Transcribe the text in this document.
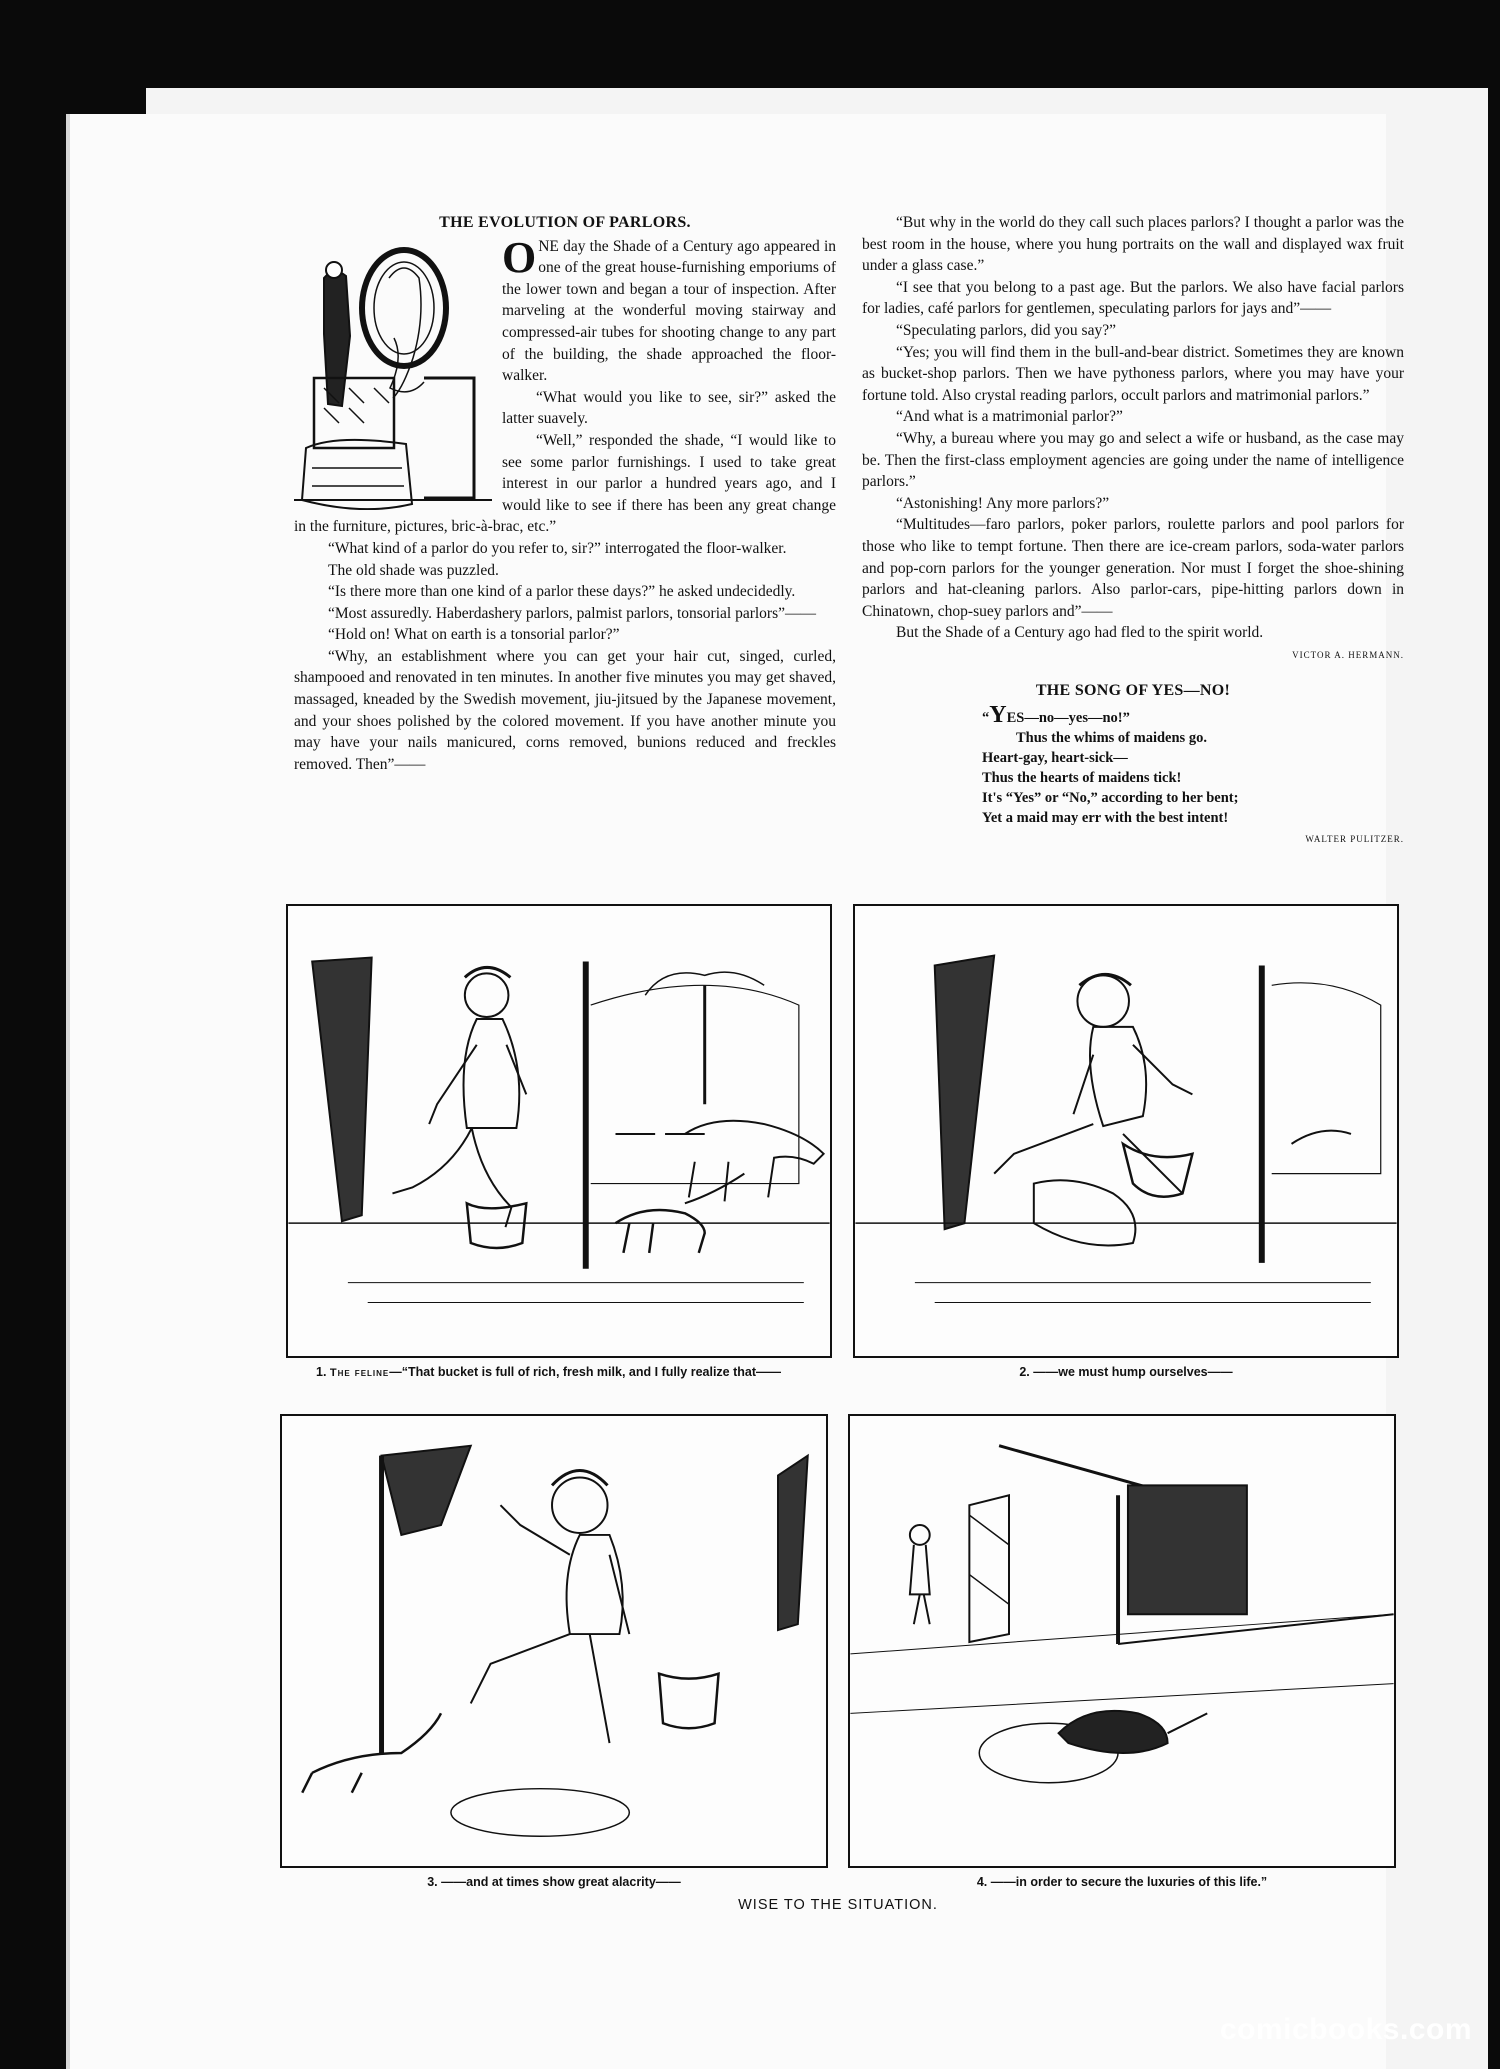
THE EVOLUTION OF PARLORS.
O NE day the Shade of a Century ago appeared in one of the great house-furnishing emporiums of the lower town and began a tour of inspection. After marveling at the wonderful moving stairway and compressed-air tubes for shooting change to any part of the building, the shade approached the floor-walker.

“What would you like to see, sir?” asked the latter suavely.

“Well,” responded the shade, “I would like to see some parlor furnishings. I used to take great interest in our parlor a hundred years ago, and I would like to see if there has been any great change in the furniture, pictures, bric-à-brac, etc.”

“What kind of a parlor do you refer to, sir?” interrogated the floor-walker.

The old shade was puzzled.

“Is there more than one kind of a parlor these days?” he asked undecidedly.

“Most assuredly. Haberdashery parlors, palmist parlors, tonsorial parlors”——

“Hold on! What on earth is a tonsorial parlor?”

“Why, an establishment where you can get your hair cut, singed, curled, shampooed and renovated in ten minutes. In another five minutes you may get shaved, massaged, kneaded by the Swedish movement, jiu-jitsued by the Japanese movement, and your shoes polished by the colored movement. If you have another minute you may have your nails manicured, corns removed, bunions reduced and freckles removed. Then”——

“But why in the world do they call such places parlors? I thought a parlor was the best room in the house, where you hung portraits on the wall and displayed wax fruit under a glass case.”

“I see that you belong to a past age. But the parlors. We also have facial parlors for ladies, café parlors for gentlemen, speculating parlors for jays and”——

“Speculating parlors, did you say?”

“Yes; you will find them in the bull-and-bear district. Sometimes they are known as bucket-shop parlors. Then we have pythoness parlors, where you may have your fortune told. Also crystal reading parlors, occult parlors and matrimonial parlors.”

“And what is a matrimonial parlor?”

“Why, a bureau where you may go and select a wife or husband, as the case may be. Then the first-class employment agencies are going under the name of intelligence parlors.”

“Astonishing! Any more parlors?”

“Multitudes—faro parlors, poker parlors, roulette parlors and pool parlors for those who like to tempt fortune. Then there are ice-cream parlors, soda-water parlors and pop-corn parlors for the younger generation. Nor must I forget the shoe-shining parlors and hat-cleaning parlors. Also parlor-cars, pipe-hitting parlors down in Chinatown, chop-suey parlors and”——

But the Shade of a Century ago had fled to the spirit world.

VICTOR A. HERMANN.
THE SONG OF YES—NO!
“YES—no—yes—no!”
Thus the whims of maidens go.
Heart-gay, heart-sick—
Thus the hearts of maidens tick!
It's “Yes” or “No,” according to her bent;
Yet a maid may err with the best intent!
WALTER PULITZER.
1. The feline—“That bucket is full of rich, fresh milk, and I fully realize that——	2. ——we must hump ourselves——
3. ——and at times show great alacrity——	4. ——in order to secure the luxuries of this life.”
WISE TO THE SITUATION.
comicbooks.com
